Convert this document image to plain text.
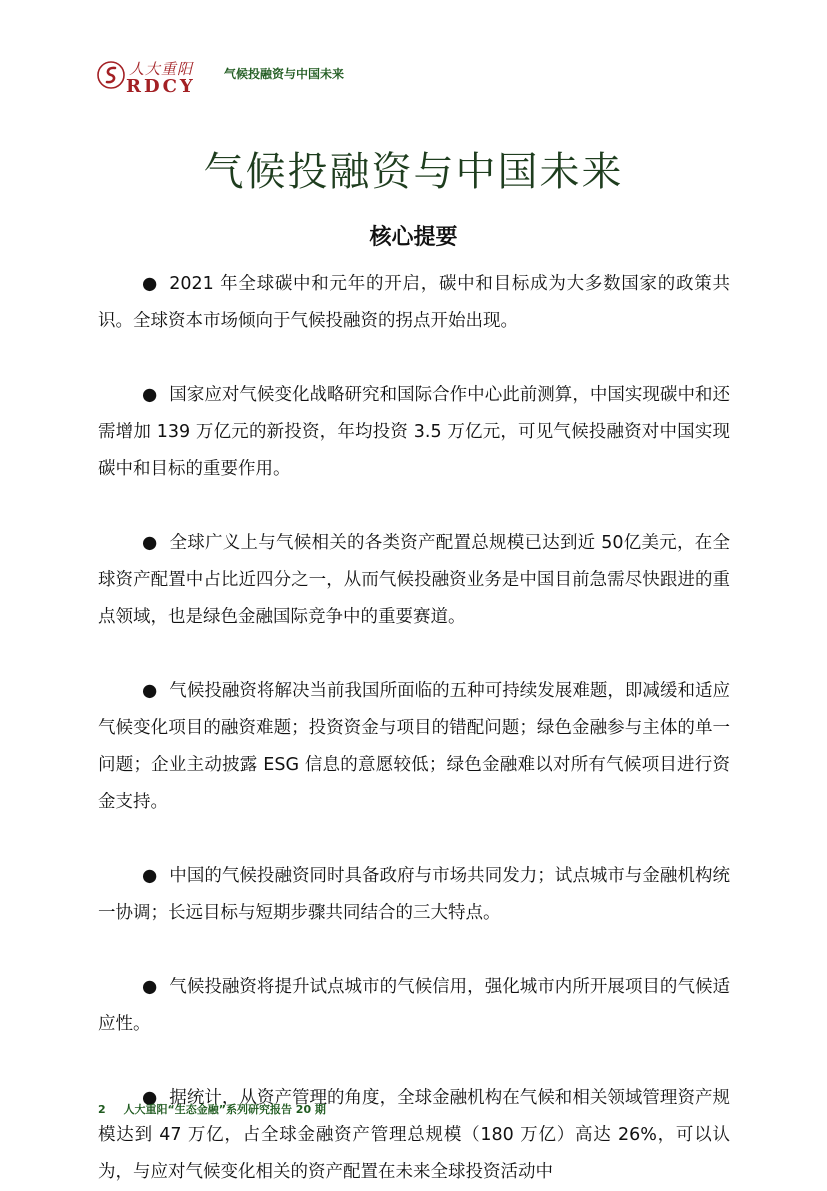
人大重阳
RDCY
气候投融资与中国未来
气候投融资与中国未来
核心提要

● 2021 年全球碳中和元年的开启，碳中和目标成为大多数国家的政策共识。全球资本市场倾向于气候投融资的拐点开始出现。

● 国家应对气候变化战略研究和国际合作中心此前测算，中国实现碳中和还需增加 139 万亿元的新投资，年均投资 3.5 万亿元，可见气候投融资对中国实现碳中和目标的重要作用。

● 全球广义上与气候相关的各类资产配置总规模已达到近 50亿美元，在全球资产配置中占比近四分之一，从而气候投融资业务是中国目前急需尽快跟进的重点领域，也是绿色金融国际竞争中的重要赛道。

● 气候投融资将解决当前我国所面临的五种可持续发展难题，即减缓和适应气候变化项目的融资难题；投资资金与项目的错配问题；绿色金融参与主体的单一问题；企业主动披露 ESG 信息的意愿较低；绿色金融难以对所有气候项目进行资金支持。

● 中国的气候投融资同时具备政府与市场共同发力；试点城市与金融机构统一协调；长远目标与短期步骤共同结合的三大特点。

● 气候投融资将提升试点城市的气候信用，强化城市内所开展项目的气候适应性。

● 据统计，从资产管理的角度，全球金融机构在气候和相关领域管理资产规模达到 47 万亿，占全球金融资产管理总规模（180 万亿）高达 26%，可以认为，与应对气候变化相关的资产配置在未来全球投资活动中

2 人大重阳“生态金融”系列研究报告 20 期
